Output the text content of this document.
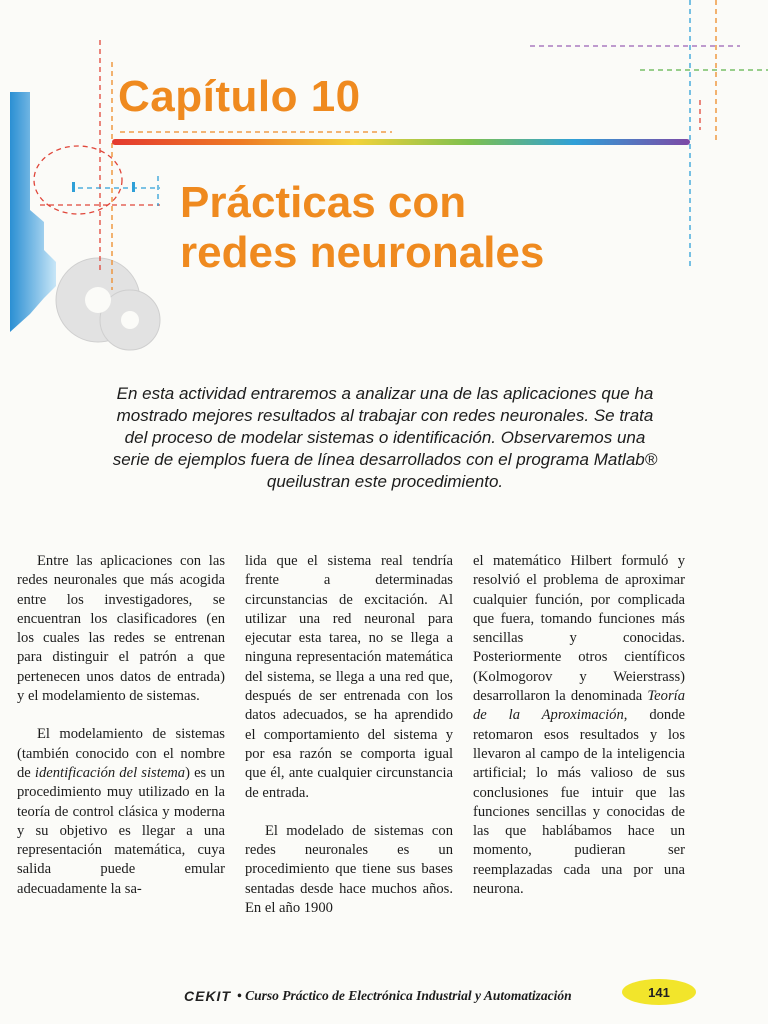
Capítulo 10
Prácticas con
redes neuronales

En esta actividad entraremos a analizar una de las aplicaciones que ha

mostrado mejores resultados al trabajar con redes neuronales. Se trata

del proceso de modelar sistemas o identificación. Observaremos una

serie de ejemplos fuera de línea desarrollados con el programa Matlab®

queilustran este procedimiento.

Entre las aplicaciones con las redes neuronales que más acogida entre los investigadores, se encuentran los clasificadores (en los cuales las redes se entrenan para distinguir el patrón a que pertenecen unos datos de entrada) y el modelamiento de sistemas.

El modelamiento de sistemas (también conocido con el nombre de identificación del sistema) es un procedimiento muy utilizado en la teoría de control clásica y moderna y su objetivo es llegar a una representación matemática, cuya salida puede emular adecuadamente la sa-

lida que el sistema real tendría frente a determinadas circunstancias de excitación. Al utilizar una red neuronal para ejecutar esta tarea, no se llega a ninguna representación matemática del sistema, se llega a una red que, después de ser entrenada con los datos adecuados, se ha aprendido el comportamiento del sistema y por esa razón se comporta igual que él, ante cualquier circunstancia de entrada.

El modelado de sistemas con redes neuronales es un procedimiento que tiene sus bases sentadas desde hace muchos años. En el año 1900

el matemático Hilbert formuló y resolvió el problema de aproximar cualquier función, por complicada que fuera, tomando funciones más sencillas y conocidas. Posteriormente otros científicos (Kolmogorov y Weierstrass) desarrollaron la denominada Teoría de la Aproximación, donde retomaron esos resultados y los llevaron al campo de la inteligencia artificial; lo más valioso de sus conclusiones fue intuir que las funciones sencillas y conocidas de las que hablábamos hace un momento, pudieran ser reemplazadas cada una por una neurona.

CEKIT • Curso Práctico de Electrónica Industrial y Automatización	141
